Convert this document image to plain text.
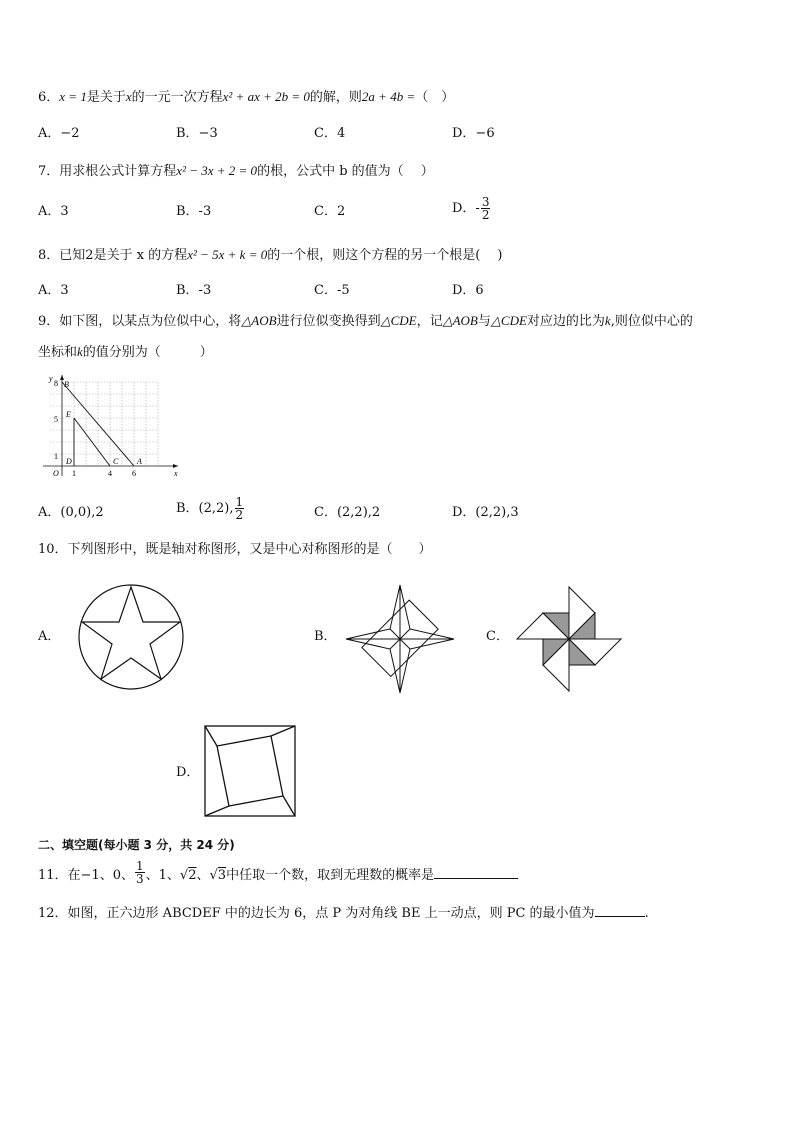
6．x = 1是关于x的一元一次方程x² + ax + 2b = 0的解，则2a + 4b =（　）
A．−2	B．−3	C．4	D．−6
7．用求根公式计算方程x² − 3x + 2 = 0的根，公式中 b 的值为（　 ）
A．3	B．-3	C．2	D．- $\frac{3}{2}$
8．已知2是关于 x 的方程x² − 5x + k = 0的一个根，则这个方程的另一个根是(　 )
A．3	B．-3	C．-5	D．6
9．如下图，以某点为位似中心，将△AOB进行位似变换得到△CDE，记△AOB与△CDE对应边的比为k,则位似中心的
坐标和k的值分别为（　　　）
y
x
B
E
D
O
C A
8
5
1
1	4	6
A．(0,0),2	B．(2,2), $\frac{1}{2}$	C．(2,2),2	D．(2,2),3
10．下列图形中，既是轴对称图形，又是中心对称图形的是（　　）
A．	B．	C．
D．
二、填空题(每小题 3 分，共 24 分)
11．在−1、0、 $\frac{1}{3}$ 、1、√2、√3中任取一个数，取到无理数的概率是
12．如图，正六边形 ABCDEF 中的边长为 6，点 P 为对角线 BE 上一动点，则 PC 的最小值为	.
